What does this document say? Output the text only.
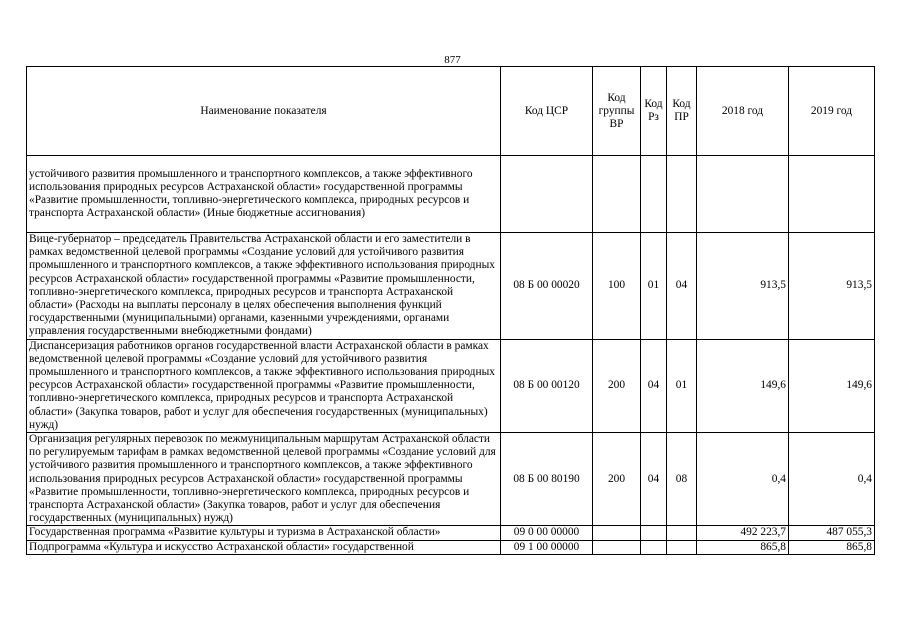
877
Наименование показателя	Код ЦСР	Код группы ВР	Код Рз	Код ПР	2018 год	2019 год
устойчивого развития промышленного и транспортного комплексов, а также эффективного использования природных ресурсов Астраханской области» государственной программы «Развитие промышленности, топливно-энергетического комплекса, природных ресурсов и транспорта Астраханской области» (Иные бюджетные ассигнования)						
Вице-губернатор – председатель Правительства Астраханской области и его заместители в рамках ведомственной целевой программы «Создание условий для устойчивого развития промышленного и транспортного комплексов, а также эффективного использования природных ресурсов Астраханской области» государственной программы «Развитие промышленности, топливно-энергетического комплекса, природных ресурсов и транспорта Астраханской области» (Расходы на выплаты персоналу в целях обеспечения выполнения функций государственными (муниципальными) органами, казенными учреждениями, органами управления государственными внебюджетными фондами)	08 Б 00 00020	100	01	04	913,5	913,5
Диспансеризация работников органов государственной власти Астраханской области в рамках ведомственной целевой программы «Создание условий для устойчивого развития промышленного и транспортного комплексов, а также эффективного использования природных ресурсов Астраханской области» государственной программы «Развитие промышленности, топливно-энергетического комплекса, природных ресурсов и транспорта Астраханской области» (Закупка товаров, работ и услуг для обеспечения государственных (муниципальных) нужд)	08 Б 00 00120	200	04	01	149,6	149,6
Организация регулярных перевозок по межмуниципальным маршрутам Астраханской области по регулируемым тарифам в рамках ведомственной целевой программы «Создание условий для устойчивого развития промышленного и транспортного комплексов, а также эффективного использования природных ресурсов Астраханской области» государственной программы «Развитие промышленности, топливно-энергетического комплекса, природных ресурсов и транспорта Астраханской области» (Закупка товаров, работ и услуг для обеспечения государственных (муниципальных) нужд)	08 Б 00 80190	200	04	08	0,4	0,4
Государственная программа «Развитие культуры и туризма в Астраханской области»	09 0 00 00000				492 223,7	487 055,3
Подпрограмма «Культура и искусство Астраханской области» государственной	09 1 00 00000				865,8	865,8
